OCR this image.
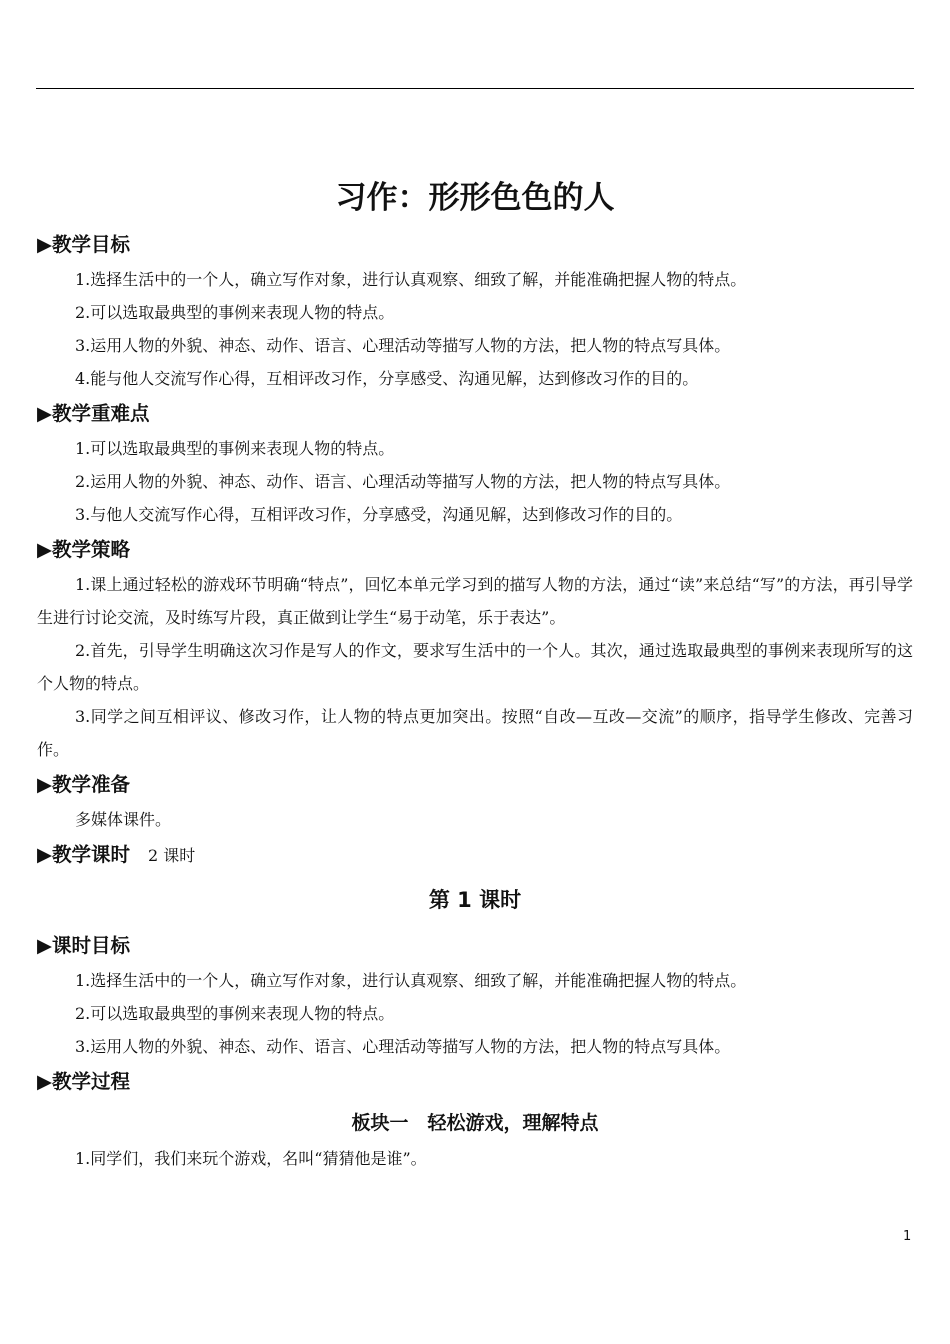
习作：形形色色的人
▶教学目标

1.选择生活中的一个人，确立写作对象，进行认真观察、细致了解，并能准确把握人物的特点。

2.可以选取最典型的事例来表现人物的特点。

3.运用人物的外貌、神态、动作、语言、心理活动等描写人物的方法，把人物的特点写具体。

4.能与他人交流写作心得，互相评改习作，分享感受、沟通见解，达到修改习作的目的。

▶教学重难点

1.可以选取最典型的事例来表现人物的特点。

2.运用人物的外貌、神态、动作、语言、心理活动等描写人物的方法，把人物的特点写具体。

3.与他人交流写作心得，互相评改习作，分享感受，沟通见解，达到修改习作的目的。

▶教学策略

1.课上通过轻松的游戏环节明确“特点”，回忆本单元学习到的描写人物的方法，通过“读”来总结“写”的方法，再引导学生进行讨论交流，及时练写片段，真正做到让学生“易于动笔，乐于表达”。

2.首先，引导学生明确这次习作是写人的作文，要求写生活中的一个人。其次，通过选取最典型的事例来表现所写的这个人物的特点。

3.同学之间互相评议、修改习作，让人物的特点更加突出。按照“自改—互改—交流”的顺序，指导学生修改、完善习作。

▶教学准备

多媒体课件。

▶教学课时 2 课时
第 1 课时
▶课时目标

1.选择生活中的一个人，确立写作对象，进行认真观察、细致了解，并能准确把握人物的特点。

2.可以选取最典型的事例来表现人物的特点。

3.运用人物的外貌、神态、动作、语言、心理活动等描写人物的方法，把人物的特点写具体。

▶教学过程
板块一　轻松游戏，理解特点

1.同学们，我们来玩个游戏，名叫“猜猜他是谁”。

1
